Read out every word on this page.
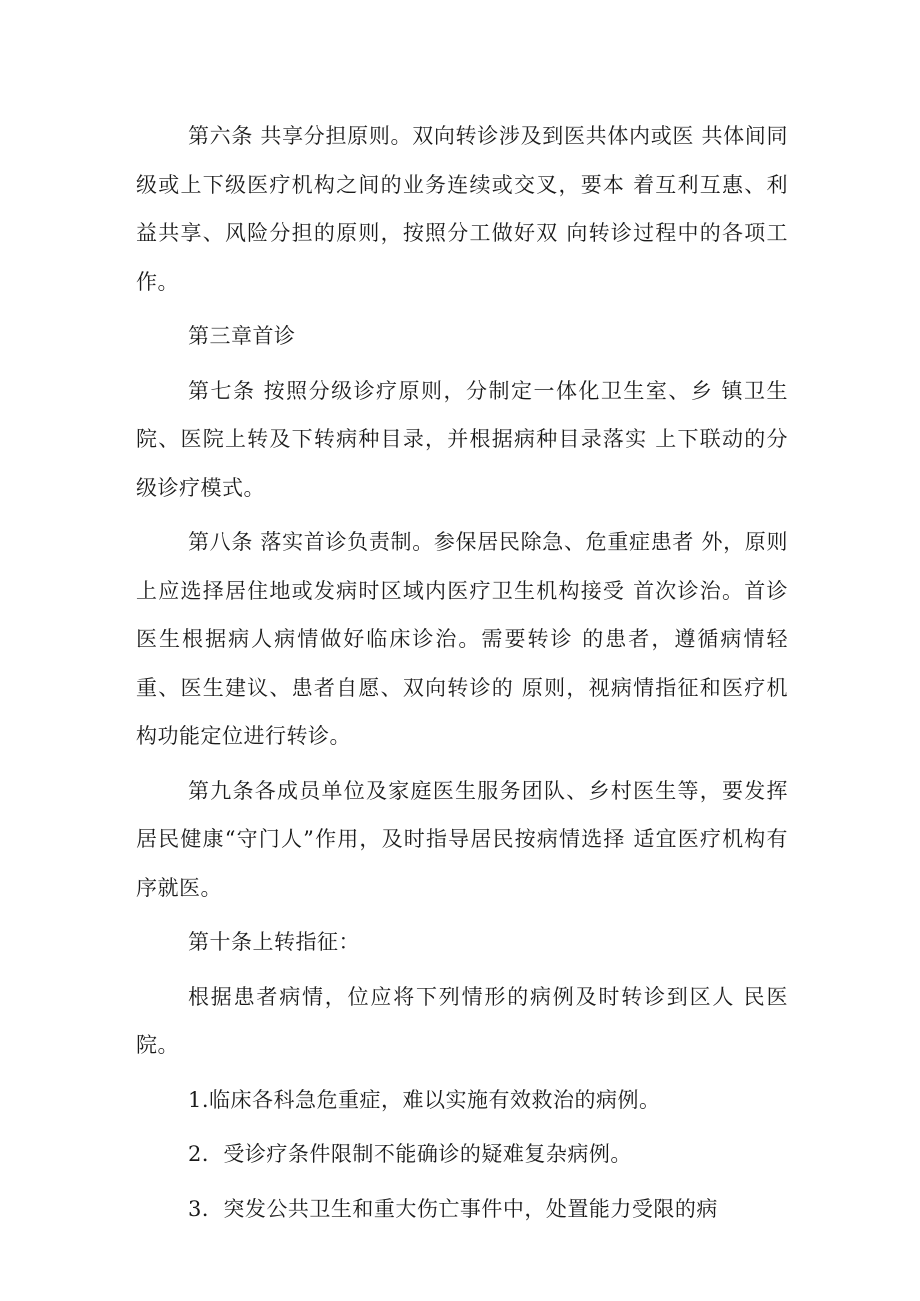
第六条 共享分担原则。双向转诊涉及到医共体内或医 共体间同级或上下级医疗机构之间的业务连续或交叉，要本 着互利互惠、利益共享、风险分担的原则，按照分工做好双 向转诊过程中的各项工作。

第三章首诊

第七条 按照分级诊疗原则，分制定一体化卫生室、乡 镇卫生院、医院上转及下转病种目录，并根据病种目录落实 上下联动的分级诊疗模式。

第八条 落实首诊负责制。参保居民除急、危重症患者 外，原则上应选择居住地或发病时区域内医疗卫生机构接受 首次诊治。首诊医生根据病人病情做好临床诊治。需要转诊 的患者，遵循病情轻重、医生建议、患者自愿、双向转诊的 原则，视病情指征和医疗机构功能定位进行转诊。

第九条各成员单位及家庭医生服务团队、乡村医生等，要发挥居民健康“守门人”作用，及时指导居民按病情选择 适宜医疗机构有序就医。

第十条上转指征：

根据患者病情，位应将下列情形的病例及时转诊到区人 民医院。

1.临床各科急危重症，难以实施有效救治的病例。

2．受诊疗条件限制不能确诊的疑难复杂病例。

3．突发公共卫生和重大伤亡事件中，处置能力受限的病
